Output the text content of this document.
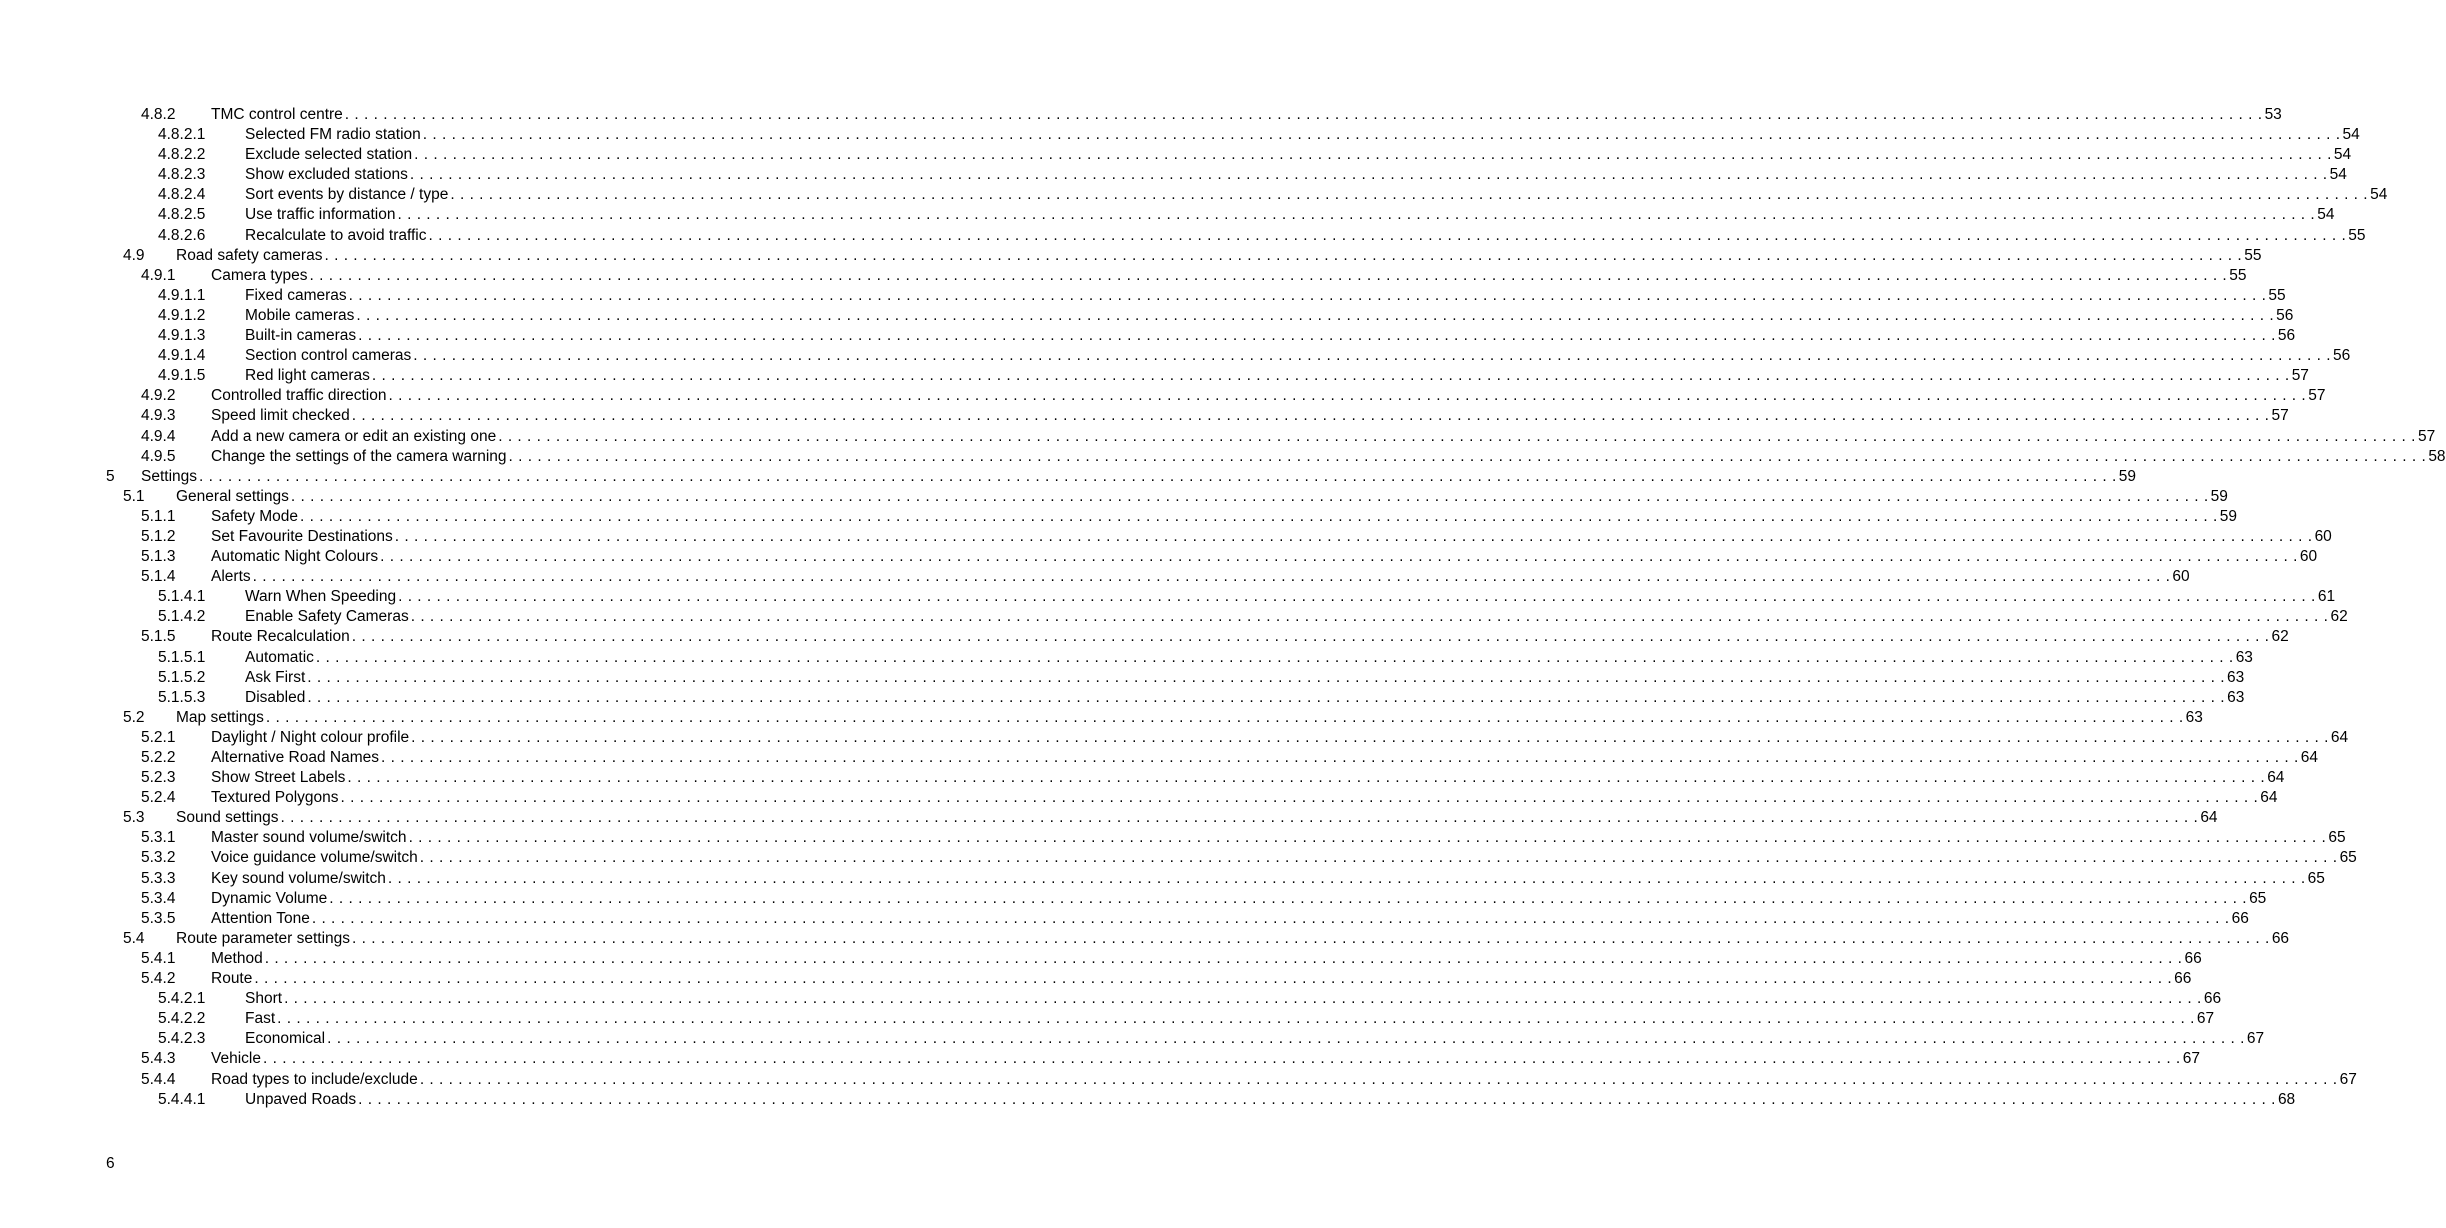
4.8.2 TMC control centre . . . . . . . . . . . . . . . . . . . . . . . . . . . . . . . . . . . . . . . . . . . . . . . . . . . . . . . . . . . . . . . . . . . . . . . . . . . . . . . . . . . . . . . . . . . . . . . . . . . . . . . . . . . . . . . . . . . . . . . . . . . . . . . . . . . . . . . . . . . . . . . . . . . . . . . . . . . . . . . . . . . . . . . . . . . . . . . . . . . . . . . . . . . . . . . . . . . . . . . . 53
4.8.2.1	Selected FM radio station . . . . . . . . . . . . . . . . . . . . . . . . . . . . . . . . . . . . . . . . . . . . . . . . . . . . . . . . . . . . . . . . . . . . . . . . . . . . . . . . . . . . . . . . . . . . . . . . . . . . . . . . . . . . . . . . . . . . . . . . . . . . . . . . . . . . . . . . . . . . . . . . . . . . . . . . . . . . . . . . . . . . . . . . . . . . . . . . . . . . . . . . . . . . . . . . . . . . . . . . 54
4.8.2.2	Exclude selected station . . . . . . . . . . . . . . . . . . . . . . . . . . . . . . . . . . . . . . . . . . . . . . . . . . . . . . . . . . . . . . . . . . . . . . . . . . . . . . . . . . . . . . . . . . . . . . . . . . . . . . . . . . . . . . . . . . . . . . . . . . . . . . . . . . . . . . . . . . . . . . . . . . . . . . . . . . . . . . . . . . . . . . . . . . . . . . . . . . . . . . . . . . . . . . . . . . . . . . . . 54
4.8.2.3	Show excluded stations . . . . . . . . . . . . . . . . . . . . . . . . . . . . . . . . . . . . . . . . . . . . . . . . . . . . . . . . . . . . . . . . . . . . . . . . . . . . . . . . . . . . . . . . . . . . . . . . . . . . . . . . . . . . . . . . . . . . . . . . . . . . . . . . . . . . . . . . . . . . . . . . . . . . . . . . . . . . . . . . . . . . . . . . . . . . . . . . . . . . . . . . . . . . . . . . . . . . . . . . 54
4.8.2.4	Sort events by distance / type . . . . . . . . . . . . . . . . . . . . . . . . . . . . . . . . . . . . . . . . . . . . . . . . . . . . . . . . . . . . . . . . . . . . . . . . . . . . . . . . . . . . . . . . . . . . . . . . . . . . . . . . . . . . . . . . . . . . . . . . . . . . . . . . . . . . . . . . . . . . . . . . . . . . . . . . . . . . . . . . . . . . . . . . . . . . . . . . . . . . . . . . . . . . . . . . . . . . . . . . 54
4.8.2.5	Use traffic information . . . . . . . . . . . . . . . . . . . . . . . . . . . . . . . . . . . . . . . . . . . . . . . . . . . . . . . . . . . . . . . . . . . . . . . . . . . . . . . . . . . . . . . . . . . . . . . . . . . . . . . . . . . . . . . . . . . . . . . . . . . . . . . . . . . . . . . . . . . . . . . . . . . . . . . . . . . . . . . . . . . . . . . . . . . . . . . . . . . . . . . . . . . . . . . . . . . . . . . . 54
4.8.2.6	Recalculate to avoid traffic . . . . . . . . . . . . . . . . . . . . . . . . . . . . . . . . . . . . . . . . . . . . . . . . . . . . . . . . . . . . . . . . . . . . . . . . . . . . . . . . . . . . . . . . . . . . . . . . . . . . . . . . . . . . . . . . . . . . . . . . . . . . . . . . . . . . . . . . . . . . . . . . . . . . . . . . . . . . . . . . . . . . . . . . . . . . . . . . . . . . . . . . . . . . . . . . . . . . . . . . 55
4.9 Road safety cameras . . . . . . . . . . . . . . . . . . . . . . . . . . . . . . . . . . . . . . . . . . . . . . . . . . . . . . . . . . . . . . . . . . . . . . . . . . . . . . . . . . . . . . . . . . . . . . . . . . . . . . . . . . . . . . . . . . . . . . . . . . . . . . . . . . . . . . . . . . . . . . . . . . . . . . . . . . . . . . . . . . . . . . . . . . . . . . . . . . . . . . . . . . . . . . . . . . . . . . . . 55
4.9.1 Camera types . . . . . . . . . . . . . . . . . . . . . . . . . . . . . . . . . . . . . . . . . . . . . . . . . . . . . . . . . . . . . . . . . . . . . . . . . . . . . . . . . . . . . . . . . . . . . . . . . . . . . . . . . . . . . . . . . . . . . . . . . . . . . . . . . . . . . . . . . . . . . . . . . . . . . . . . . . . . . . . . . . . . . . . . . . . . . . . . . . . . . . . . . . . . . . . . . . . . . . . . 55
4.9.1.1	Fixed cameras . . . . . . . . . . . . . . . . . . . . . . . . . . . . . . . . . . . . . . . . . . . . . . . . . . . . . . . . . . . . . . . . . . . . . . . . . . . . . . . . . . . . . . . . . . . . . . . . . . . . . . . . . . . . . . . . . . . . . . . . . . . . . . . . . . . . . . . . . . . . . . . . . . . . . . . . . . . . . . . . . . . . . . . . . . . . . . . . . . . . . . . . . . . . . . . . . . . . . . . . 55
4.9.1.2	Mobile cameras . . . . . . . . . . . . . . . . . . . . . . . . . . . . . . . . . . . . . . . . . . . . . . . . . . . . . . . . . . . . . . . . . . . . . . . . . . . . . . . . . . . . . . . . . . . . . . . . . . . . . . . . . . . . . . . . . . . . . . . . . . . . . . . . . . . . . . . . . . . . . . . . . . . . . . . . . . . . . . . . . . . . . . . . . . . . . . . . . . . . . . . . . . . . . . . . . . . . . . . . 56
4.9.1.3	Built-in cameras . . . . . . . . . . . . . . . . . . . . . . . . . . . . . . . . . . . . . . . . . . . . . . . . . . . . . . . . . . . . . . . . . . . . . . . . . . . . . . . . . . . . . . . . . . . . . . . . . . . . . . . . . . . . . . . . . . . . . . . . . . . . . . . . . . . . . . . . . . . . . . . . . . . . . . . . . . . . . . . . . . . . . . . . . . . . . . . . . . . . . . . . . . . . . . . . . . . . . . . . 56
4.9.1.4	Section control cameras . . . . . . . . . . . . . . . . . . . . . . . . . . . . . . . . . . . . . . . . . . . . . . . . . . . . . . . . . . . . . . . . . . . . . . . . . . . . . . . . . . . . . . . . . . . . . . . . . . . . . . . . . . . . . . . . . . . . . . . . . . . . . . . . . . . . . . . . . . . . . . . . . . . . . . . . . . . . . . . . . . . . . . . . . . . . . . . . . . . . . . . . . . . . . . . . . . . . . . . . 56
4.9.1.5	Red light cameras . . . . . . . . . . . . . . . . . . . . . . . . . . . . . . . . . . . . . . . . . . . . . . . . . . . . . . . . . . . . . . . . . . . . . . . . . . . . . . . . . . . . . . . . . . . . . . . . . . . . . . . . . . . . . . . . . . . . . . . . . . . . . . . . . . . . . . . . . . . . . . . . . . . . . . . . . . . . . . . . . . . . . . . . . . . . . . . . . . . . . . . . . . . . . . . . . . . . . . . . 57
4.9.2 Controlled traffic direction . . . . . . . . . . . . . . . . . . . . . . . . . . . . . . . . . . . . . . . . . . . . . . . . . . . . . . . . . . . . . . . . . . . . . . . . . . . . . . . . . . . . . . . . . . . . . . . . . . . . . . . . . . . . . . . . . . . . . . . . . . . . . . . . . . . . . . . . . . . . . . . . . . . . . . . . . . . . . . . . . . . . . . . . . . . . . . . . . . . . . . . . . . . . . . . . . . . . . . . . 57
4.9.3 Speed limit checked . . . . . . . . . . . . . . . . . . . . . . . . . . . . . . . . . . . . . . . . . . . . . . . . . . . . . . . . . . . . . . . . . . . . . . . . . . . . . . . . . . . . . . . . . . . . . . . . . . . . . . . . . . . . . . . . . . . . . . . . . . . . . . . . . . . . . . . . . . . . . . . . . . . . . . . . . . . . . . . . . . . . . . . . . . . . . . . . . . . . . . . . . . . . . . . . . . . . . . . . 57
4.9.4 Add a new camera or edit an existing one . . . . . . . . . . . . . . . . . . . . . . . . . . . . . . . . . . . . . . . . . . . . . . . . . . . . . . . . . . . . . . . . . . . . . . . . . . . . . . . . . . . . . . . . . . . . . . . . . . . . . . . . . . . . . . . . . . . . . . . . . . . . . . . . . . . . . . . . . . . . . . . . . . . . . . . . . . . . . . . . . . . . . . . . . . . . . . . . . . . . . . . . . . . . . . . . . . . . . . . . 57
4.9.5 Change the settings of the camera warning . . . . . . . . . . . . . . . . . . . . . . . . . . . . . . . . . . . . . . . . . . . . . . . . . . . . . . . . . . . . . . . . . . . . . . . . . . . . . . . . . . . . . . . . . . . . . . . . . . . . . . . . . . . . . . . . . . . . . . . . . . . . . . . . . . . . . . . . . . . . . . . . . . . . . . . . . . . . . . . . . . . . . . . . . . . . . . . . . . . . . . . . . . . . . . . . . . . . . . . . 58
5 Settings . . . . . . . . . . . . . . . . . . . . . . . . . . . . . . . . . . . . . . . . . . . . . . . . . . . . . . . . . . . . . . . . . . . . . . . . . . . . . . . . . . . . . . . . . . . . . . . . . . . . . . . . . . . . . . . . . . . . . . . . . . . . . . . . . . . . . . . . . . . . . . . . . . . . . . . . . . . . . . . . . . . . . . . . . . . . . . . . . . . . . . . . . . . . . . . . . . . . . . . . 59
5.1 General settings . . . . . . . . . . . . . . . . . . . . . . . . . . . . . . . . . . . . . . . . . . . . . . . . . . . . . . . . . . . . . . . . . . . . . . . . . . . . . . . . . . . . . . . . . . . . . . . . . . . . . . . . . . . . . . . . . . . . . . . . . . . . . . . . . . . . . . . . . . . . . . . . . . . . . . . . . . . . . . . . . . . . . . . . . . . . . . . . . . . . . . . . . . . . . . . . . . . . . . . . 59
5.1.1 Safety Mode . . . . . . . . . . . . . . . . . . . . . . . . . . . . . . . . . . . . . . . . . . . . . . . . . . . . . . . . . . . . . . . . . . . . . . . . . . . . . . . . . . . . . . . . . . . . . . . . . . . . . . . . . . . . . . . . . . . . . . . . . . . . . . . . . . . . . . . . . . . . . . . . . . . . . . . . . . . . . . . . . . . . . . . . . . . . . . . . . . . . . . . . . . . . . . . . . . . . . . . . 59
5.1.2 Set Favourite Destinations . . . . . . . . . . . . . . . . . . . . . . . . . . . . . . . . . . . . . . . . . . . . . . . . . . . . . . . . . . . . . . . . . . . . . . . . . . . . . . . . . . . . . . . . . . . . . . . . . . . . . . . . . . . . . . . . . . . . . . . . . . . . . . . . . . . . . . . . . . . . . . . . . . . . . . . . . . . . . . . . . . . . . . . . . . . . . . . . . . . . . . . . . . . . . . . . . . . . . . . . 60
5.1.3 Automatic Night Colours . . . . . . . . . . . . . . . . . . . . . . . . . . . . . . . . . . . . . . . . . . . . . . . . . . . . . . . . . . . . . . . . . . . . . . . . . . . . . . . . . . . . . . . . . . . . . . . . . . . . . . . . . . . . . . . . . . . . . . . . . . . . . . . . . . . . . . . . . . . . . . . . . . . . . . . . . . . . . . . . . . . . . . . . . . . . . . . . . . . . . . . . . . . . . . . . . . . . . . . . 60
5.1.4 Alerts . . . . . . . . . . . . . . . . . . . . . . . . . . . . . . . . . . . . . . . . . . . . . . . . . . . . . . . . . . . . . . . . . . . . . . . . . . . . . . . . . . . . . . . . . . . . . . . . . . . . . . . . . . . . . . . . . . . . . . . . . . . . . . . . . . . . . . . . . . . . . . . . . . . . . . . . . . . . . . . . . . . . . . . . . . . . . . . . . . . . . . . . . . . . . . . . . . . . . . . . 60
5.1.4.1	Warn When Speeding . . . . . . . . . . . . . . . . . . . . . . . . . . . . . . . . . . . . . . . . . . . . . . . . . . . . . . . . . . . . . . . . . . . . . . . . . . . . . . . . . . . . . . . . . . . . . . . . . . . . . . . . . . . . . . . . . . . . . . . . . . . . . . . . . . . . . . . . . . . . . . . . . . . . . . . . . . . . . . . . . . . . . . . . . . . . . . . . . . . . . . . . . . . . . . . . . . . . . . . . 61
5.1.4.2	Enable Safety Cameras . . . . . . . . . . . . . . . . . . . . . . . . . . . . . . . . . . . . . . . . . . . . . . . . . . . . . . . . . . . . . . . . . . . . . . . . . . . . . . . . . . . . . . . . . . . . . . . . . . . . . . . . . . . . . . . . . . . . . . . . . . . . . . . . . . . . . . . . . . . . . . . . . . . . . . . . . . . . . . . . . . . . . . . . . . . . . . . . . . . . . . . . . . . . . . . . . . . . . . . . 62
5.1.5 Route Recalculation . . . . . . . . . . . . . . . . . . . . . . . . . . . . . . . . . . . . . . . . . . . . . . . . . . . . . . . . . . . . . . . . . . . . . . . . . . . . . . . . . . . . . . . . . . . . . . . . . . . . . . . . . . . . . . . . . . . . . . . . . . . . . . . . . . . . . . . . . . . . . . . . . . . . . . . . . . . . . . . . . . . . . . . . . . . . . . . . . . . . . . . . . . . . . . . . . . . . . . . . 62
5.1.5.1	Automatic . . . . . . . . . . . . . . . . . . . . . . . . . . . . . . . . . . . . . . . . . . . . . . . . . . . . . . . . . . . . . . . . . . . . . . . . . . . . . . . . . . . . . . . . . . . . . . . . . . . . . . . . . . . . . . . . . . . . . . . . . . . . . . . . . . . . . . . . . . . . . . . . . . . . . . . . . . . . . . . . . . . . . . . . . . . . . . . . . . . . . . . . . . . . . . . . . . . . . . . . 63
5.1.5.2	Ask First . . . . . . . . . . . . . . . . . . . . . . . . . . . . . . . . . . . . . . . . . . . . . . . . . . . . . . . . . . . . . . . . . . . . . . . . . . . . . . . . . . . . . . . . . . . . . . . . . . . . . . . . . . . . . . . . . . . . . . . . . . . . . . . . . . . . . . . . . . . . . . . . . . . . . . . . . . . . . . . . . . . . . . . . . . . . . . . . . . . . . . . . . . . . . . . . . . . . . . . . 63
5.1.5.3	Disabled . . . . . . . . . . . . . . . . . . . . . . . . . . . . . . . . . . . . . . . . . . . . . . . . . . . . . . . . . . . . . . . . . . . . . . . . . . . . . . . . . . . . . . . . . . . . . . . . . . . . . . . . . . . . . . . . . . . . . . . . . . . . . . . . . . . . . . . . . . . . . . . . . . . . . . . . . . . . . . . . . . . . . . . . . . . . . . . . . . . . . . . . . . . . . . . . . . . . . . . . 63
5.2 Map settings . . . . . . . . . . . . . . . . . . . . . . . . . . . . . . . . . . . . . . . . . . . . . . . . . . . . . . . . . . . . . . . . . . . . . . . . . . . . . . . . . . . . . . . . . . . . . . . . . . . . . . . . . . . . . . . . . . . . . . . . . . . . . . . . . . . . . . . . . . . . . . . . . . . . . . . . . . . . . . . . . . . . . . . . . . . . . . . . . . . . . . . . . . . . . . . . . . . . . . . . 63
5.2.1 Daylight / Night colour profile . . . . . . . . . . . . . . . . . . . . . . . . . . . . . . . . . . . . . . . . . . . . . . . . . . . . . . . . . . . . . . . . . . . . . . . . . . . . . . . . . . . . . . . . . . . . . . . . . . . . . . . . . . . . . . . . . . . . . . . . . . . . . . . . . . . . . . . . . . . . . . . . . . . . . . . . . . . . . . . . . . . . . . . . . . . . . . . . . . . . . . . . . . . . . . . . . . . . . . . . 64
5.2.2 Alternative Road Names . . . . . . . . . . . . . . . . . . . . . . . . . . . . . . . . . . . . . . . . . . . . . . . . . . . . . . . . . . . . . . . . . . . . . . . . . . . . . . . . . . . . . . . . . . . . . . . . . . . . . . . . . . . . . . . . . . . . . . . . . . . . . . . . . . . . . . . . . . . . . . . . . . . . . . . . . . . . . . . . . . . . . . . . . . . . . . . . . . . . . . . . . . . . . . . . . . . . . . . . 64
5.2.3 Show Street Labels . . . . . . . . . . . . . . . . . . . . . . . . . . . . . . . . . . . . . . . . . . . . . . . . . . . . . . . . . . . . . . . . . . . . . . . . . . . . . . . . . . . . . . . . . . . . . . . . . . . . . . . . . . . . . . . . . . . . . . . . . . . . . . . . . . . . . . . . . . . . . . . . . . . . . . . . . . . . . . . . . . . . . . . . . . . . . . . . . . . . . . . . . . . . . . . . . . . . . . . . 64
5.2.4 Textured Polygons . . . . . . . . . . . . . . . . . . . . . . . . . . . . . . . . . . . . . . . . . . . . . . . . . . . . . . . . . . . . . . . . . . . . . . . . . . . . . . . . . . . . . . . . . . . . . . . . . . . . . . . . . . . . . . . . . . . . . . . . . . . . . . . . . . . . . . . . . . . . . . . . . . . . . . . . . . . . . . . . . . . . . . . . . . . . . . . . . . . . . . . . . . . . . . . . . . . . . . . . 64
5.3 Sound settings . . . . . . . . . . . . . . . . . . . . . . . . . . . . . . . . . . . . . . . . . . . . . . . . . . . . . . . . . . . . . . . . . . . . . . . . . . . . . . . . . . . . . . . . . . . . . . . . . . . . . . . . . . . . . . . . . . . . . . . . . . . . . . . . . . . . . . . . . . . . . . . . . . . . . . . . . . . . . . . . . . . . . . . . . . . . . . . . . . . . . . . . . . . . . . . . . . . . . . . . 64
5.3.1 Master sound volume/switch . . . . . . . . . . . . . . . . . . . . . . . . . . . . . . . . . . . . . . . . . . . . . . . . . . . . . . . . . . . . . . . . . . . . . . . . . . . . . . . . . . . . . . . . . . . . . . . . . . . . . . . . . . . . . . . . . . . . . . . . . . . . . . . . . . . . . . . . . . . . . . . . . . . . . . . . . . . . . . . . . . . . . . . . . . . . . . . . . . . . . . . . . . . . . . . . . . . . . . . . 65
5.3.2 Voice guidance volume/switch . . . . . . . . . . . . . . . . . . . . . . . . . . . . . . . . . . . . . . . . . . . . . . . . . . . . . . . . . . . . . . . . . . . . . . . . . . . . . . . . . . . . . . . . . . . . . . . . . . . . . . . . . . . . . . . . . . . . . . . . . . . . . . . . . . . . . . . . . . . . . . . . . . . . . . . . . . . . . . . . . . . . . . . . . . . . . . . . . . . . . . . . . . . . . . . . . . . . . . . . 65
5.3.3 Key sound volume/switch . . . . . . . . . . . . . . . . . . . . . . . . . . . . . . . . . . . . . . . . . . . . . . . . . . . . . . . . . . . . . . . . . . . . . . . . . . . . . . . . . . . . . . . . . . . . . . . . . . . . . . . . . . . . . . . . . . . . . . . . . . . . . . . . . . . . . . . . . . . . . . . . . . . . . . . . . . . . . . . . . . . . . . . . . . . . . . . . . . . . . . . . . . . . . . . . . . . . . . . . 65
5.3.4 Dynamic Volume . . . . . . . . . . . . . . . . . . . . . . . . . . . . . . . . . . . . . . . . . . . . . . . . . . . . . . . . . . . . . . . . . . . . . . . . . . . . . . . . . . . . . . . . . . . . . . . . . . . . . . . . . . . . . . . . . . . . . . . . . . . . . . . . . . . . . . . . . . . . . . . . . . . . . . . . . . . . . . . . . . . . . . . . . . . . . . . . . . . . . . . . . . . . . . . . . . . . . . . . 65
5.3.5 Attention Tone . . . . . . . . . . . . . . . . . . . . . . . . . . . . . . . . . . . . . . . . . . . . . . . . . . . . . . . . . . . . . . . . . . . . . . . . . . . . . . . . . . . . . . . . . . . . . . . . . . . . . . . . . . . . . . . . . . . . . . . . . . . . . . . . . . . . . . . . . . . . . . . . . . . . . . . . . . . . . . . . . . . . . . . . . . . . . . . . . . . . . . . . . . . . . . . . . . . . . . . . 66
5.4 Route parameter settings . . . . . . . . . . . . . . . . . . . . . . . . . . . . . . . . . . . . . . . . . . . . . . . . . . . . . . . . . . . . . . . . . . . . . . . . . . . . . . . . . . . . . . . . . . . . . . . . . . . . . . . . . . . . . . . . . . . . . . . . . . . . . . . . . . . . . . . . . . . . . . . . . . . . . . . . . . . . . . . . . . . . . . . . . . . . . . . . . . . . . . . . . . . . . . . . . . . . . . . . 66
5.4.1 Method . . . . . . . . . . . . . . . . . . . . . . . . . . . . . . . . . . . . . . . . . . . . . . . . . . . . . . . . . . . . . . . . . . . . . . . . . . . . . . . . . . . . . . . . . . . . . . . . . . . . . . . . . . . . . . . . . . . . . . . . . . . . . . . . . . . . . . . . . . . . . . . . . . . . . . . . . . . . . . . . . . . . . . . . . . . . . . . . . . . . . . . . . . . . . . . . . . . . . . . . 66
5.4.2 Route . . . . . . . . . . . . . . . . . . . . . . . . . . . . . . . . . . . . . . . . . . . . . . . . . . . . . . . . . . . . . . . . . . . . . . . . . . . . . . . . . . . . . . . . . . . . . . . . . . . . . . . . . . . . . . . . . . . . . . . . . . . . . . . . . . . . . . . . . . . . . . . . . . . . . . . . . . . . . . . . . . . . . . . . . . . . . . . . . . . . . . . . . . . . . . . . . . . . . . . . 66
5.4.2.1	Short . . . . . . . . . . . . . . . . . . . . . . . . . . . . . . . . . . . . . . . . . . . . . . . . . . . . . . . . . . . . . . . . . . . . . . . . . . . . . . . . . . . . . . . . . . . . . . . . . . . . . . . . . . . . . . . . . . . . . . . . . . . . . . . . . . . . . . . . . . . . . . . . . . . . . . . . . . . . . . . . . . . . . . . . . . . . . . . . . . . . . . . . . . . . . . . . . . . . . . . . 66
5.4.2.2	Fast . . . . . . . . . . . . . . . . . . . . . . . . . . . . . . . . . . . . . . . . . . . . . . . . . . . . . . . . . . . . . . . . . . . . . . . . . . . . . . . . . . . . . . . . . . . . . . . . . . . . . . . . . . . . . . . . . . . . . . . . . . . . . . . . . . . . . . . . . . . . . . . . . . . . . . . . . . . . . . . . . . . . . . . . . . . . . . . . . . . . . . . . . . . . . . . . . . . . . . . . 67
5.4.2.3	Economical . . . . . . . . . . . . . . . . . . . . . . . . . . . . . . . . . . . . . . . . . . . . . . . . . . . . . . . . . . . . . . . . . . . . . . . . . . . . . . . . . . . . . . . . . . . . . . . . . . . . . . . . . . . . . . . . . . . . . . . . . . . . . . . . . . . . . . . . . . . . . . . . . . . . . . . . . . . . . . . . . . . . . . . . . . . . . . . . . . . . . . . . . . . . . . . . . . . . . . . . 67
5.4.3 Vehicle . . . . . . . . . . . . . . . . . . . . . . . . . . . . . . . . . . . . . . . . . . . . . . . . . . . . . . . . . . . . . . . . . . . . . . . . . . . . . . . . . . . . . . . . . . . . . . . . . . . . . . . . . . . . . . . . . . . . . . . . . . . . . . . . . . . . . . . . . . . . . . . . . . . . . . . . . . . . . . . . . . . . . . . . . . . . . . . . . . . . . . . . . . . . . . . . . . . . . . . . 67
5.4.4 Road types to include/exclude . . . . . . . . . . . . . . . . . . . . . . . . . . . . . . . . . . . . . . . . . . . . . . . . . . . . . . . . . . . . . . . . . . . . . . . . . . . . . . . . . . . . . . . . . . . . . . . . . . . . . . . . . . . . . . . . . . . . . . . . . . . . . . . . . . . . . . . . . . . . . . . . . . . . . . . . . . . . . . . . . . . . . . . . . . . . . . . . . . . . . . . . . . . . . . . . . . . . . . . . 67
5.4.4.1	Unpaved Roads . . . . . . . . . . . . . . . . . . . . . . . . . . . . . . . . . . . . . . . . . . . . . . . . . . . . . . . . . . . . . . . . . . . . . . . . . . . . . . . . . . . . . . . . . . . . . . . . . . . . . . . . . . . . . . . . . . . . . . . . . . . . . . . . . . . . . . . . . . . . . . . . . . . . . . . . . . . . . . . . . . . . . . . . . . . . . . . . . . . . . . . . . . . . . . . . . . . . . . . . 68
6
